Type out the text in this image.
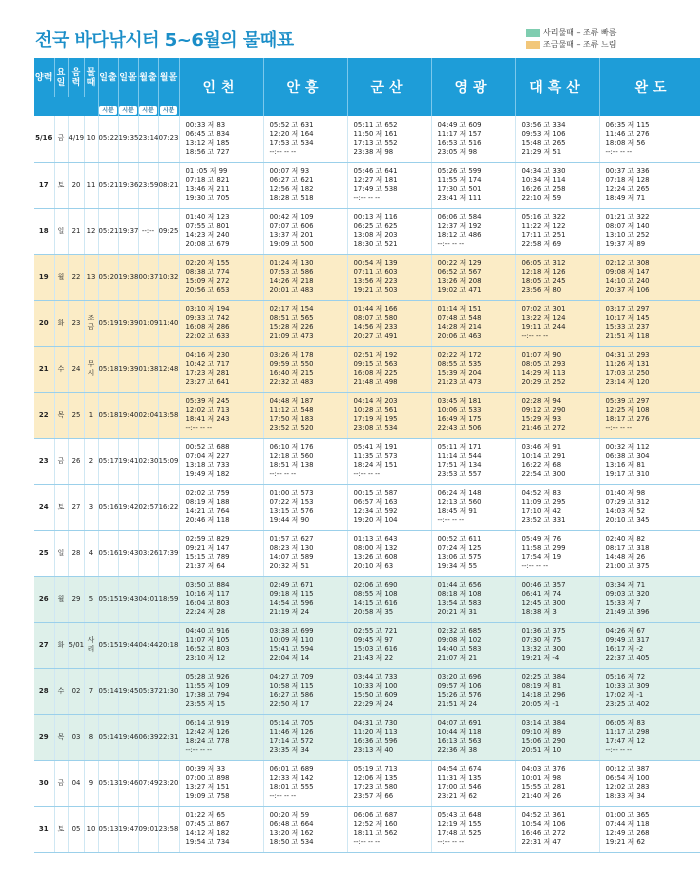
전국 바다낚시터 5~6월의 물때표	사리물때 – 조류 빠름
조금물때 – 조류 느림
양력	요일	음력	물때	일출	일몰	월출	월몰	인천	안흥	군산	영광	대흑산	완도
				시분	시분	시분	시분						
5/16	금	4/19	10	05:22	19:35	23:14	07:23	00:33 저 83
06:45 고 834
13:12 저 185
18:56 고 727	05:52 고 631
12:20 저 164
17:53 고 534
--:-- -- --	05:11 고 652
11:50 저 161
17:13 고 552
23:38 저 98	04:49 고 609
11:17 저 157
16:53 고 516
23:05 저 98	03:56 고 334
09:53 저 106
15:48 고 265
21:29 저 51	06:35 저 115
11:46 고 276
18:08 저 56
--:-- -- --

17	토	20	11	05:21	19:36	23:59	08:21	01 :05 저 99
07:18 고 821
13:46 저 211
19:30 고 705	00:07 저 93
06:27 고 621
12:56 저 182
18:28 고 518	05:46 고 641
12:27 저 181
17:49 고 538
--:-- -- --	05:26 고 599
11:55 저 174
17:30 고 501
23:41 저 111	04:34 고 330
10:34 저 114
16:26 고 258
22:10 저 59	00:37 고 336
07:18 저 128
12:24 고 265
18:49 저 71

18	일	21	12	05:21	19:37	--:--	09:25	01:40 저 123
07:55 고 801
14:23 저 240
20:08 고 679	00:42 저 109
07:07 고 606
13:37 저 201
19:09 고 500	00:13 저 116
06:25 고 625
13:08 저 203
18:30 고 521	06:06 고 584
12:37 저 192
18:12 고 486
--:-- -- --	05:16 고 322
11:22 저 122
17:11 고 251
22:58 저 69	01:21 고 322
08:07 저 140
13:10 고 252
19:37 저 89

19	월	22	13	05:20	19:38	00:37	10:32	02:20 저 155
08:38 고 774
15:09 저 272
20:56 고 653	01:24 저 130
07:53 고 586
14:26 저 218
20:01 고 483	00:54 저 139
07:11 고 603
13:56 저 223
19:21 고 503	00:22 저 129
06:52 고 567
13:26 저 208
19:02 고 471	06:05 고 312
12:18 저 126
18:05 고 245
23:56 저 80	02:12 고 308
09:08 저 147
14:10 고 240
20:37 저 106

20	화	23	조금	05:19	19:39	01:09	11:40	03:10 저 194
09:33 고 742
16:08 저 286
22:02 고 633	02:17 저 154
08:51 고 565
15:28 저 226
21:09 고 473	01:44 저 166
08:07 고 580
14:56 저 233
20:27 고 491	01:14 저 151
07:48 고 548
14:28 저 214
20:06 고 463	07:02 고 301
13:22 저 124
19:11 고 244
--:-- -- --	03:17 고 297
10:17 저 145
15:33 고 237
21:51 저 118

21	수	24	무시	05:18	19:39	01:38	12:48	04:16 저 230
10:42 고 717
17:23 저 281
23:27 고 641	03:26 저 178
09:59 고 550
16:40 저 215
22:32 고 483	02:51 저 192
09:15 고 563
16:08 저 225
21:48 고 498	02:22 저 172
08:55 고 535
15:39 저 204
21:23 고 473	01:07 저 90
08:05 고 293
14:29 저 113
20:29 고 252	04:31 고 293
11:26 저 131
17:03 고 250
23:14 저 120

22	목	25	1	05:18	19:40	02:04	13:58	05:39 저 245
12:02 고 713
18:41 저 243
--:-- -- --	04:48 저 187
11:12 고 548
17:50 저 183
23:52 고 520	04:14 저 203
10:28 고 561
17:19 저 195
23:08 고 534	03:45 저 181
10:06 고 533
16:49 저 175
22:43 고 506	02:28 저 94
09:12 고 290
15:29 저 93
21:46 고 272	05:39 고 297
12:25 저 108
18:17 고 276
--:-- -- --

23	금	26	2	05:17	19:41	02:30	15:09	00:52 고 688
07:04 저 227
13:18 고 733
19:49 저 182	06:10 저 176
12:18 고 560
18:51 저 138
--:-- -- --	05:41 저 191
11:35 고 573
18:24 저 151
--:-- -- --	05:11 저 171
11:14 고 544
17:51 저 134
23:53 고 557	03:46 저 91
10:14 고 291
16:22 저 68
22:54 고 300	00:32 저 112
06:38 고 304
13:16 저 81
19:17 고 310

24	토	27	3	05:16	19:42	02:57	16:22	02:02 고 759
08:19 저 188
14:21 고 764
20:46 저 118	01:00 고 573
07:22 저 153
13:15 고 576
19:44 저 90	00:15 고 587
06:57 저 163
12:34 고 592
19:20 저 104	06:24 저 148
12:13 고 560
18:45 저 91
--:-- -- --	04:52 저 83
11:09 고 295
17:10 저 42
23:52 고 331	01:40 저 98
07:29 고 312
14:03 저 52
20:10 고 345

25	일	28	4	05:16	19:43	03:26	17:39	02:59 고 829
09:21 저 147
15:15 고 789
21:37 저 64	01:57 고 627
08:23 저 130
14:07 고 589
20:32 저 51	01:13 고 643
08:00 저 132
13:26 고 608
20:10 저 63	00:52 고 611
07:24 저 125
13:06 고 575
19:34 저 55	05:49 저 76
11:58 고 299
17:54 저 19
--:-- -- --	02:40 저 82
08:17 고 318
14:48 저 26
21:00 고 375

26	월	29	5	05:15	19:43	04:01	18:59	03:50 고 884
10:16 저 117
16:04 고 803
22:24 저 28	02:49 고 671
09:18 저 115
14:54 고 596
21:19 저 24	02:06 고 690
08:55 저 108
14:15 고 616
20:58 저 35	01:44 고 656
08:18 저 108
13:54 고 583
20:21 저 31	00:46 고 357
06:41 저 74
12:45 고 300
18:38 저 3	03:34 저 71
09:03 고 320
15:33 저 7
21:49 고 396

27	화	5/01	사리	05:15	19:44	04:44	20:18	04:40 고 916
11:07 저 105
16:52 고 803
23:10 저 12	03:38 고 699
10:09 저 110
15:41 고 594
22:04 저 14	02:55 고 721
09:45 저 97
15:03 고 616
21:43 저 22	02:32 고 685
09:08 저 102
14:40 고 583
21:07 저 21	01:36 고 375
07:30 저 75
13:32 고 300
19:21 저 -4	04:26 저 67
09:49 고 317
16:17 저 -2
22:37 고 405

28	수	02	7	05:14	19:45	05:37	21:30	05:28 고 926
11:55 저 109
17:38 고 794
23:55 저 15	04:27 고 709
10:58 저 115
16:27 고 586
22:50 저 17	03:44 고 733
10:33 저 100
15:50 고 609
22:29 저 24	03:20 고 696
09:57 저 106
15:26 고 576
21:51 저 24	02:25 고 384
08:19 저 81
14:18 고 296
20:05 저 -1	05:16 저 72
10:33 고 309
17:02 저 -1
23:25 고 402

29	목	03	8	05:14	19:46	06:39	22:31	06:14 고 919
12:42 저 126
18:24 고 778
--:-- -- --	05:14 고 705
11:46 저 126
17:14 고 572
23:35 저 34	04:31 고 730
11:20 저 113
16:36 고 596
23:13 저 40	04:07 고 691
10:44 저 118
16:13 고 563
22:36 저 38	03:14 고 384
09:10 저 89
15:06 고 290
20:51 저 10	06:05 저 83
11:17 고 298
17:47 저 12
--:-- -- --

30	금	04	9	05:13	19:46	07:49	23:20	00:39 저 33
07:00 고 898
13:27 저 151
19:09 고 758	06:01 고 689
12:33 저 142
18:01 고 555
--:-- -- --	05:19 고 713
12:06 저 135
17:23 고 580
23:57 저 66	04:54 고 674
11:31 저 135
17:00 고 546
23:21 저 62	04:03 고 376
10:01 저 98
15:55 고 281
21:40 저 26	00:12 고 387
06:54 저 100
12:02 고 283
18:33 저 34

31	토	05	10	05:13	19:47	09:01	23:58	01:22 저 65
07:45 고 867
14:12 저 182
19:54 고 734	00:20 저 59
06:48 고 664
13:20 저 162
18:50 고 534	06:06 고 687
12:52 저 160
18:11 고 562
--:-- -- --	05:43 고 648
12:19 저 155
17:48 고 525
--:-- -- --	04:52 고 361
10:54 저 106
16:46 고 272
22:31 저 47	01:00 고 365
07:44 저 118
12:49 고 268
19:21 저 62
